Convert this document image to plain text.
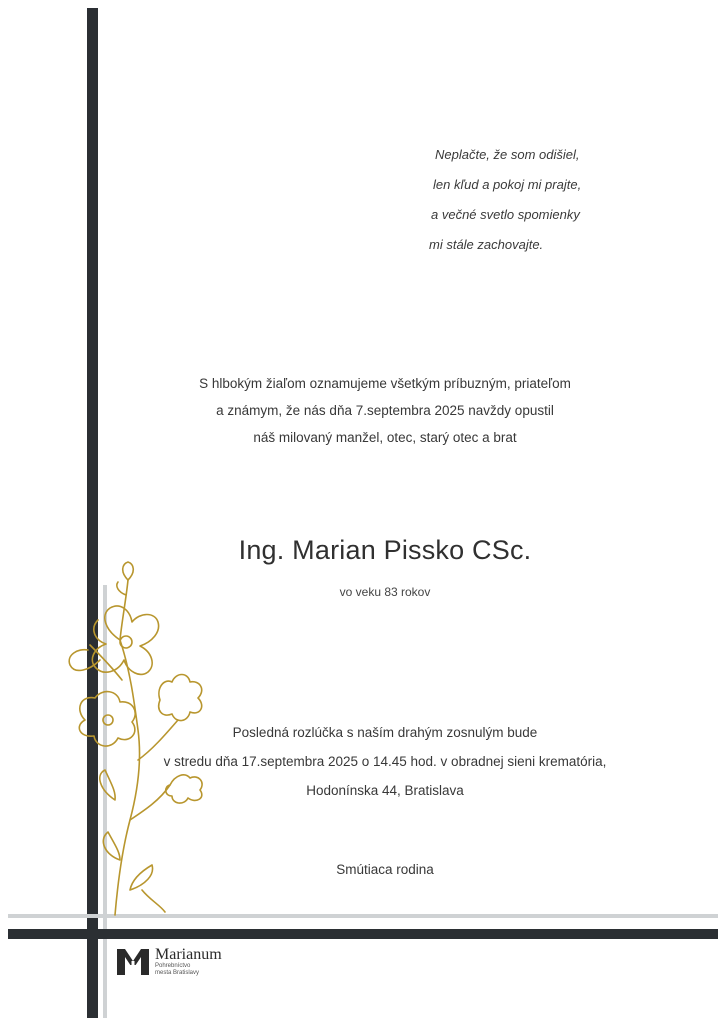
Neplačte, že som odišiel,
len kľud a pokoj mi prajte,
a večné svetlo spomienky
mi stále zachovajte.
S hlbokým žiaľom oznamujeme všetkým príbuzným, priateľom
a známym, že nás dňa 7.septembra 2025 navždy opustil
náš milovaný manžel, otec, starý otec a brat
Ing. Marian Pissko CSc.
vo veku 83 rokov
Posledná rozlúčka s naším drahým zosnulým bude
v stredu dňa 17.septembra 2025 o 14.45 hod. v obradnej sieni krematória,
Hodonínska 44, Bratislava
Smútiaca rodina
Marianum
Pohrebníctvo
mesta Bratislavy
